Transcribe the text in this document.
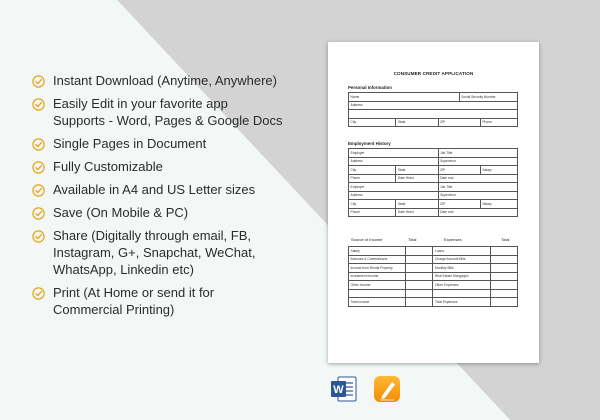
Instant Download (Anytime, Anywhere)
Easily Edit in your favorite app
Supports - Word, Pages & Google Docs
Single Pages in Document
Fully Customizable
Available in A4 and US Letter sizes
Save (On Mobile & PC)
Share (Digitally through email, FB,
Instagram, G+, Snapchat, WeChat,
WhatsApp, Linkedin etc)
Print (At Home or send it for
Commercial Printing)
CONSUMER CREDIT APPLICATION
Personal Information
Name			Social Security Number	
Address				

City	State	ZIP		Phone
Employment History
Employer		Job Title	
Address		Supervisor	
City	State	ZIP	Salary
Phone	Date Hired	Date end	
Employer		Job Title	
Address		Supervisor	
City	State	ZIP	Salary
Phone	Date Hired	Date end	
Source of Income	Total	Expenses	Total
Salary		Loans	
Bonuses & Commissions		Charge Account Bills	
Income from Rental Property		Monthly Bills	
Investment Income		Real Estate Mortgages	
Other Income		Other Expenses	

Total Income		Total Expenses	
W
